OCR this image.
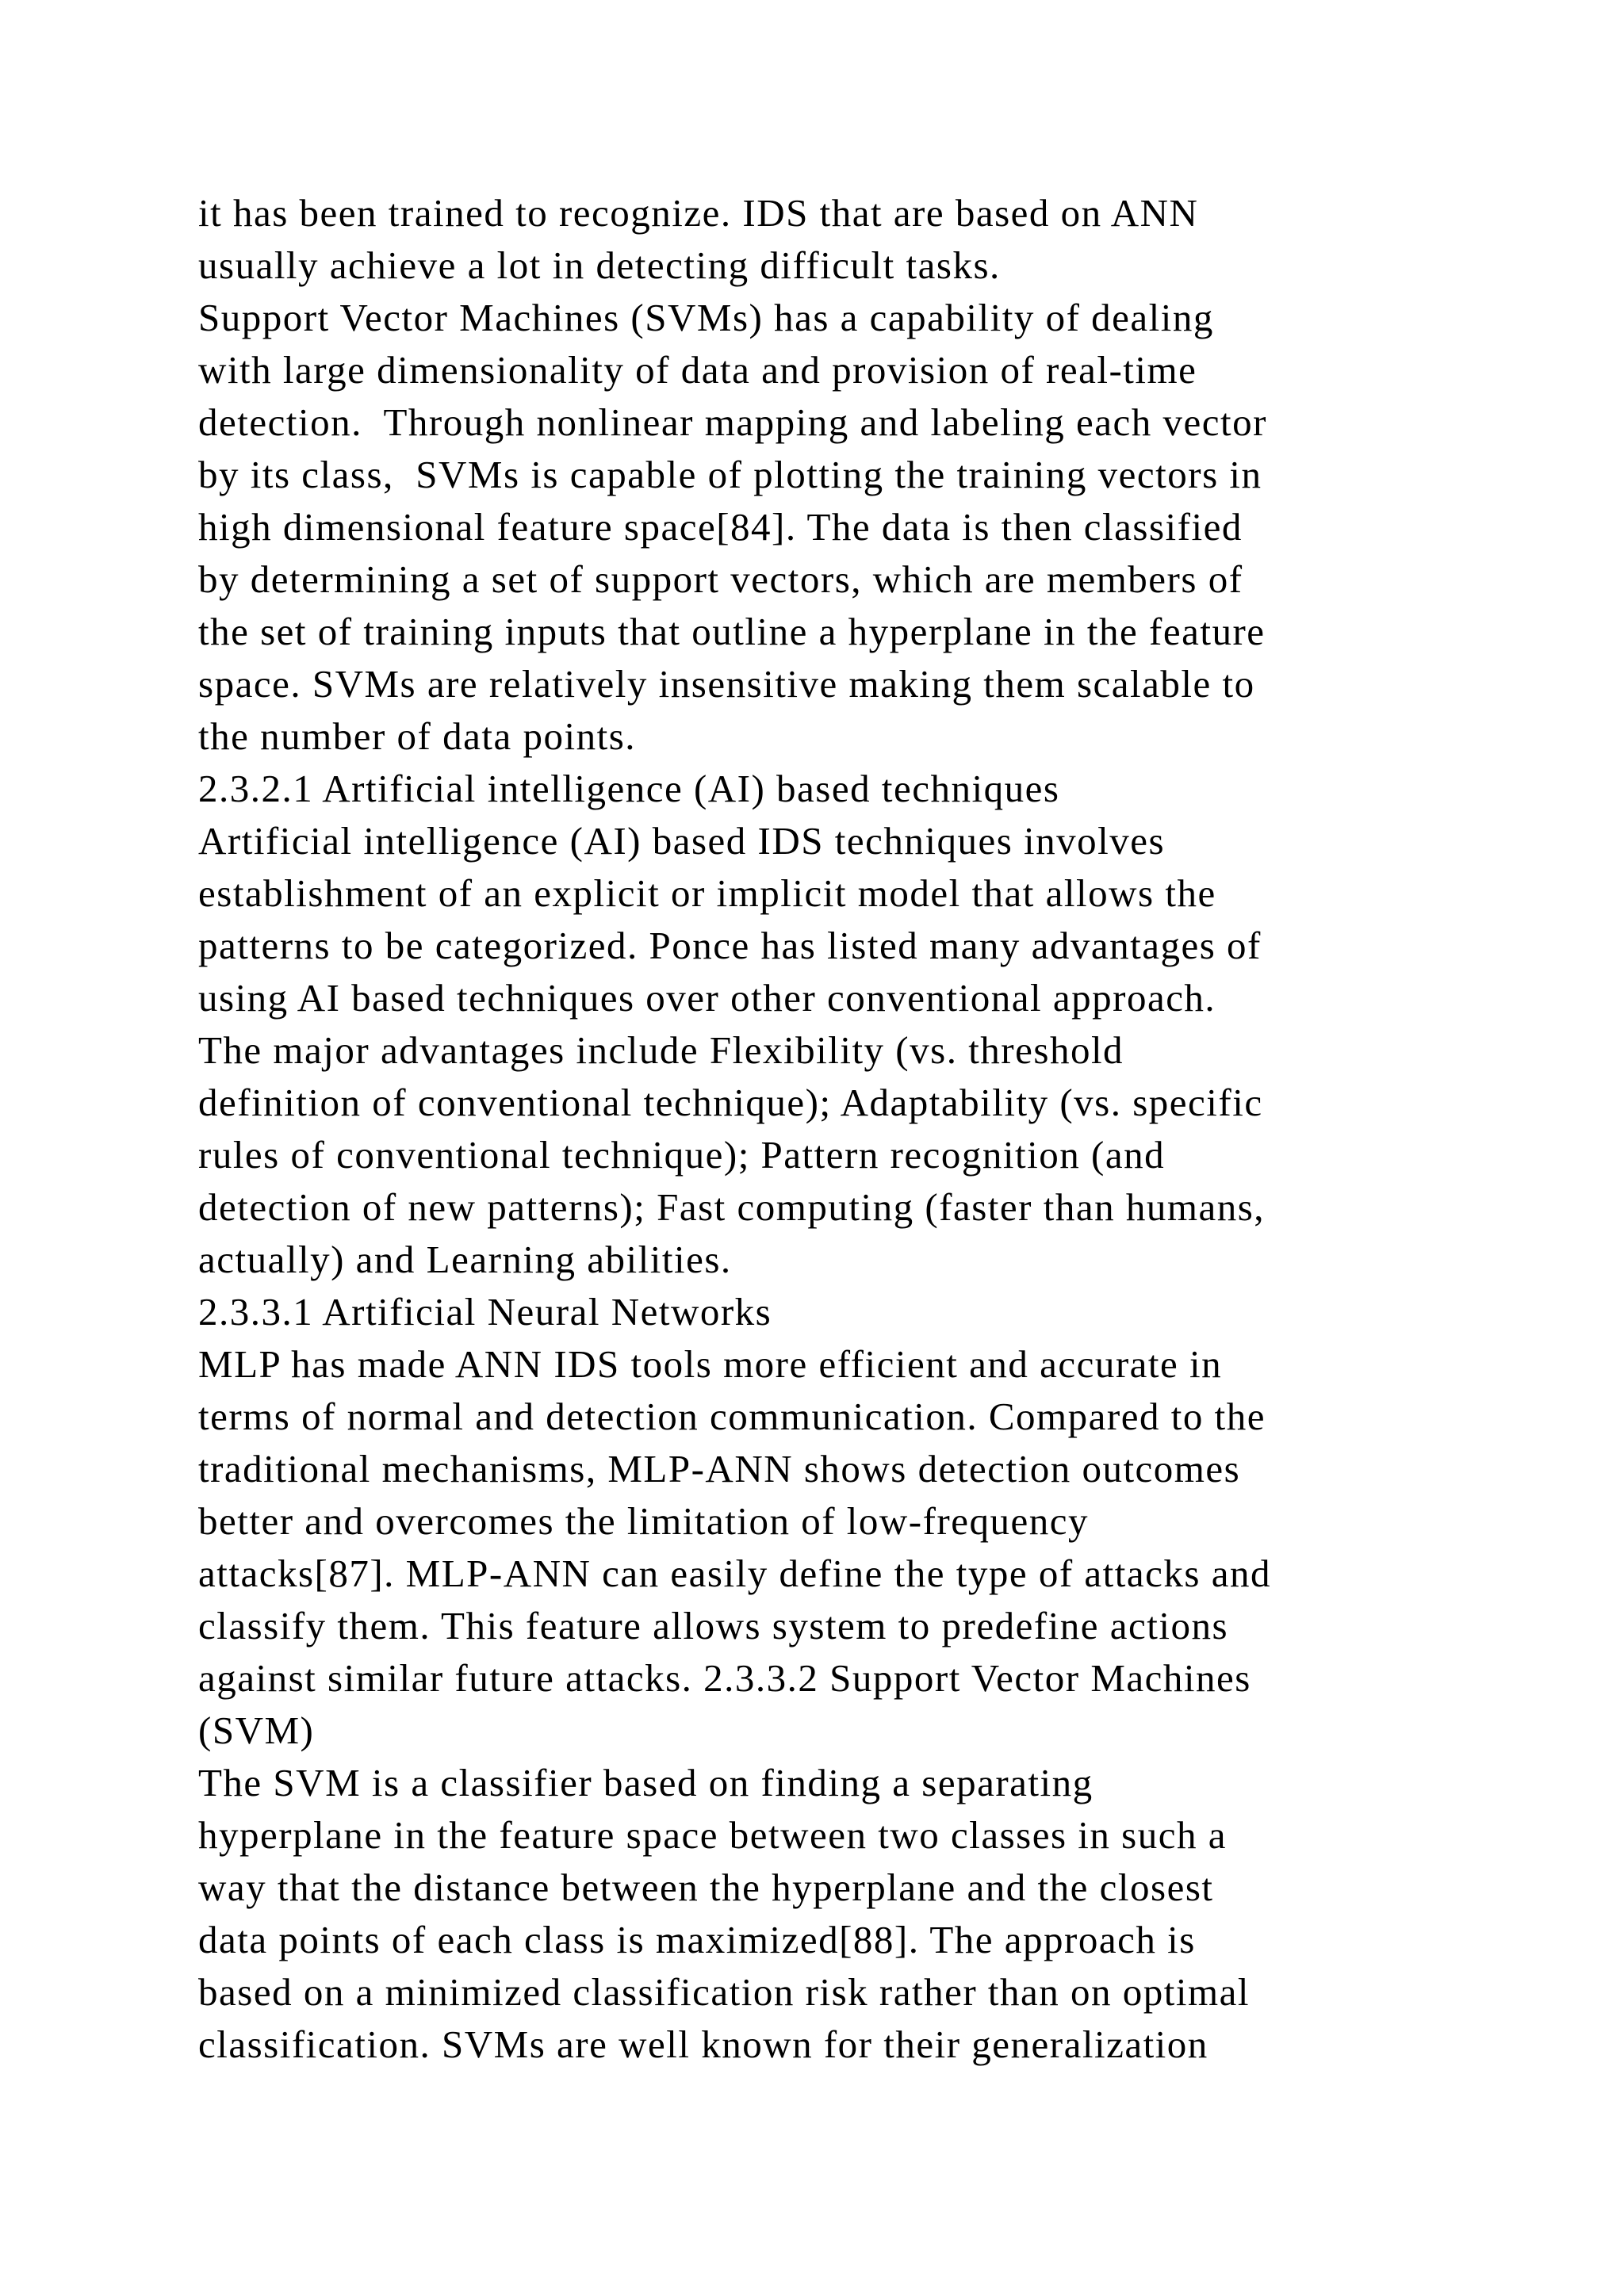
it has been trained to recognize. IDS that are based on ANN
usually achieve a lot in detecting difficult tasks.
Support Vector Machines (SVMs) has a capability of dealing
with large dimensionality of data and provision of real-time
detection.  Through nonlinear mapping and labeling each vector
by its class,  SVMs is capable of plotting the training vectors in
high dimensional feature space[84]. The data is then classified
by determining a set of support vectors, which are members of
the set of training inputs that outline a hyperplane in the feature
space. SVMs are relatively insensitive making them scalable to
the number of data points.
2.3.2.1 Artificial intelligence (AI) based techniques
Artificial intelligence (AI) based IDS techniques involves
establishment of an explicit or implicit model that allows the
patterns to be categorized. Ponce has listed many advantages of
using AI based techniques over other conventional approach.
The major advantages include Flexibility (vs. threshold
definition of conventional technique); Adaptability (vs. specific
rules of conventional technique); Pattern recognition (and
detection of new patterns); Fast computing (faster than humans,
actually) and Learning abilities.
2.3.3.1 Artificial Neural Networks
MLP has made ANN IDS tools more efficient and accurate in
terms of normal and detection communication. Compared to the
traditional mechanisms, MLP-ANN shows detection outcomes
better and overcomes the limitation of low-frequency
attacks[87]. MLP-ANN can easily define the type of attacks and
classify them. This feature allows system to predefine actions
against similar future attacks. 2.3.3.2 Support Vector Machines
(SVM)
The SVM is a classifier based on finding a separating
hyperplane in the feature space between two classes in such a
way that the distance between the hyperplane and the closest
data points of each class is maximized[88]. The approach is
based on a minimized classification risk rather than on optimal
classification. SVMs are well known for their generalization
